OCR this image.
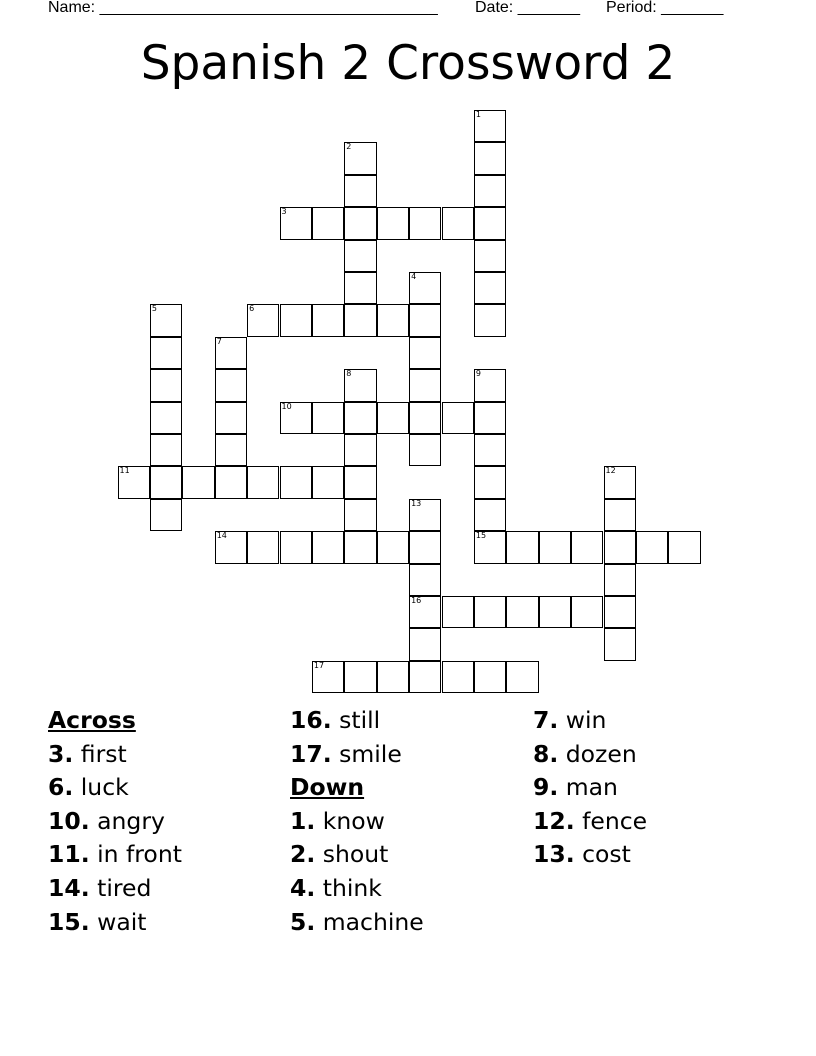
Name: ______________________________________ Date: _______ Period: _______
Spanish 2 Crossword 2
1
2
3
4
5	6
7
8	9
15
10
11	12
13
16
14
17
Across
3. first
6. luck
10. angry
11. in front
14. tired
15. wait
16. still
17. smile
Down
1. know
2. shout
4. think
5. machine
7. win
8. dozen
9. man
12. fence
13. cost
